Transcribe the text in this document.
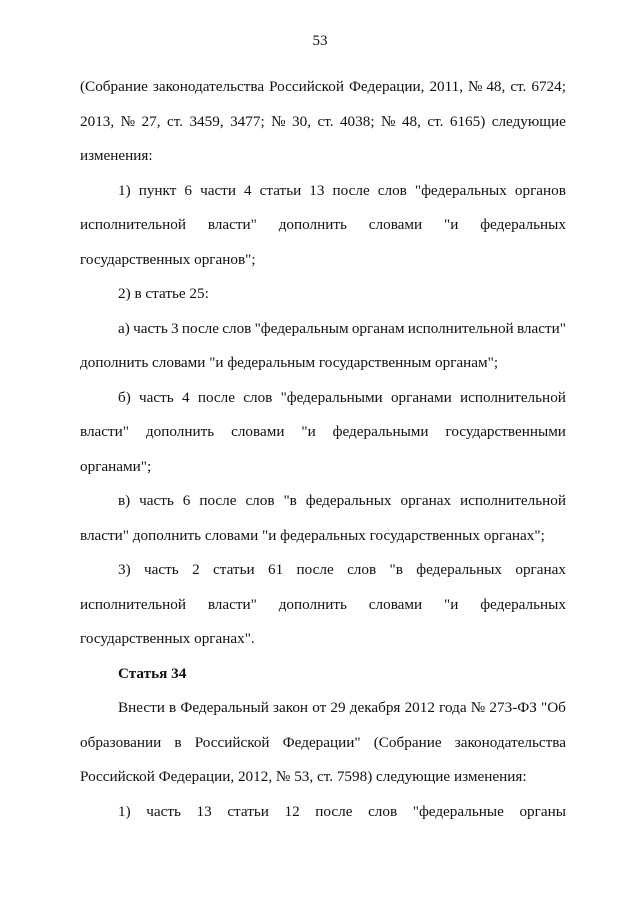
53
(Собрание законодательства Российской Федерации, 2011, № 48, ст. 6724;
2013, № 27, ст. 3459, 3477; № 30, ст. 4038; № 48, ст. 6165) следующие
изменения:
1) пункт 6 части 4 статьи 13 после слов "федеральных органов
исполнительной власти" дополнить словами "и федеральных
государственных органов";
2) в статье 25:
а) часть 3 после слов "федеральным органам исполнительной власти"
дополнить словами "и федеральным государственным органам";
б) часть 4 после слов "федеральными органами исполнительной
власти" дополнить словами "и федеральными государственными
органами";
в) часть 6 после слов "в федеральных органах исполнительной
власти" дополнить словами "и федеральных государственных органах";
3) часть 2 статьи 61 после слов "в федеральных органах
исполнительной власти" дополнить словами "и федеральных
государственных органах".
Статья 34
Внести в Федеральный закон от 29 декабря 2012 года № 273-ФЗ "Об
образовании в Российской Федерации" (Собрание законодательства
Российской Федерации, 2012, № 53, ст. 7598) следующие изменения:
1) часть 13 статьи 12 после слов "федеральные органы
